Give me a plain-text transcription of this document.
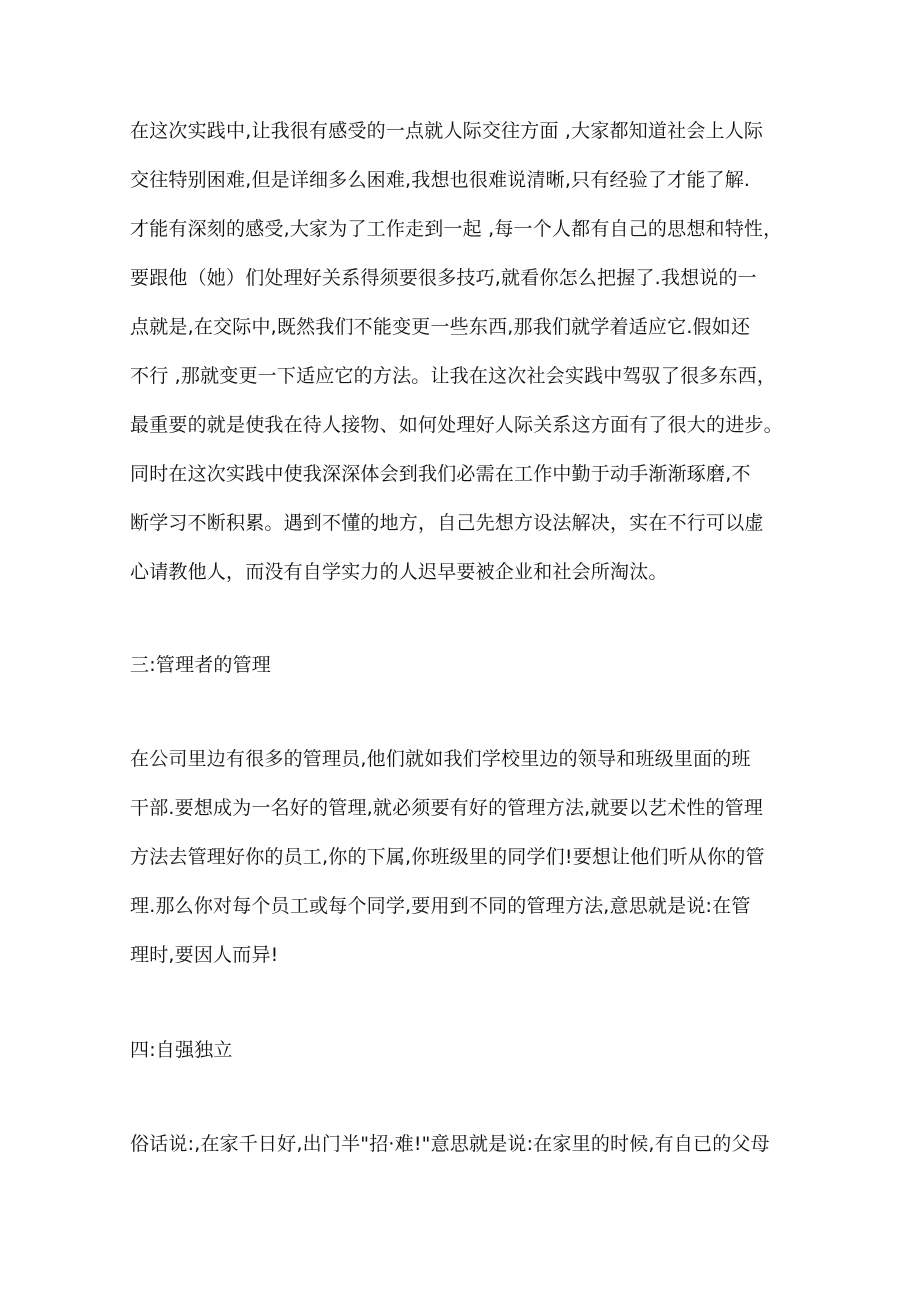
在这次实践中,让我很有感受的一点就人际交往方面 ,大家都知道社会上人际
交往特别困难,但是详细多么困难,我想也很难说清晰,只有经验了才能了解.
才能有深刻的感受,大家为了工作走到一起 ,每一个人都有自己的思想和特性，
要跟他（她）们处理好关系得须要很多技巧,就看你怎么把握了.我想说的一
点就是,在交际中,既然我们不能变更一些东西,那我们就学着适应它.假如还
不行 ,那就变更一下适应它的方法。让我在这次社会实践中驾驭了很多东西，
最重要的就是使我在待人接物、如何处理好人际关系这方面有了很大的进步。
同时在这次实践中使我深深体会到我们必需在工作中勤于动手渐渐琢磨,不
断学习不断积累。遇到不懂的地方，自己先想方设法解决，实在不行可以虚
心请教他人，而没有自学实力的人迟早要被企业和社会所淘汰。
三:管理者的管理
在公司里边有很多的管理员,他们就如我们学校里边的领导和班级里面的班
干部.要想成为一名好的管理,就必须要有好的管理方法,就要以艺术性的管理
方法去管理好你的员工,你的下属,你班级里的同学们!要想让他们听从你的管
理.那么你对每个员工或每个同学,要用到不同的管理方法,意思就是说:在管
理时,要因人而异!
四:自强独立
俗话说:,在家千日好,出门半"招·难!"意思就是说:在家里的时候,有自已的父母
